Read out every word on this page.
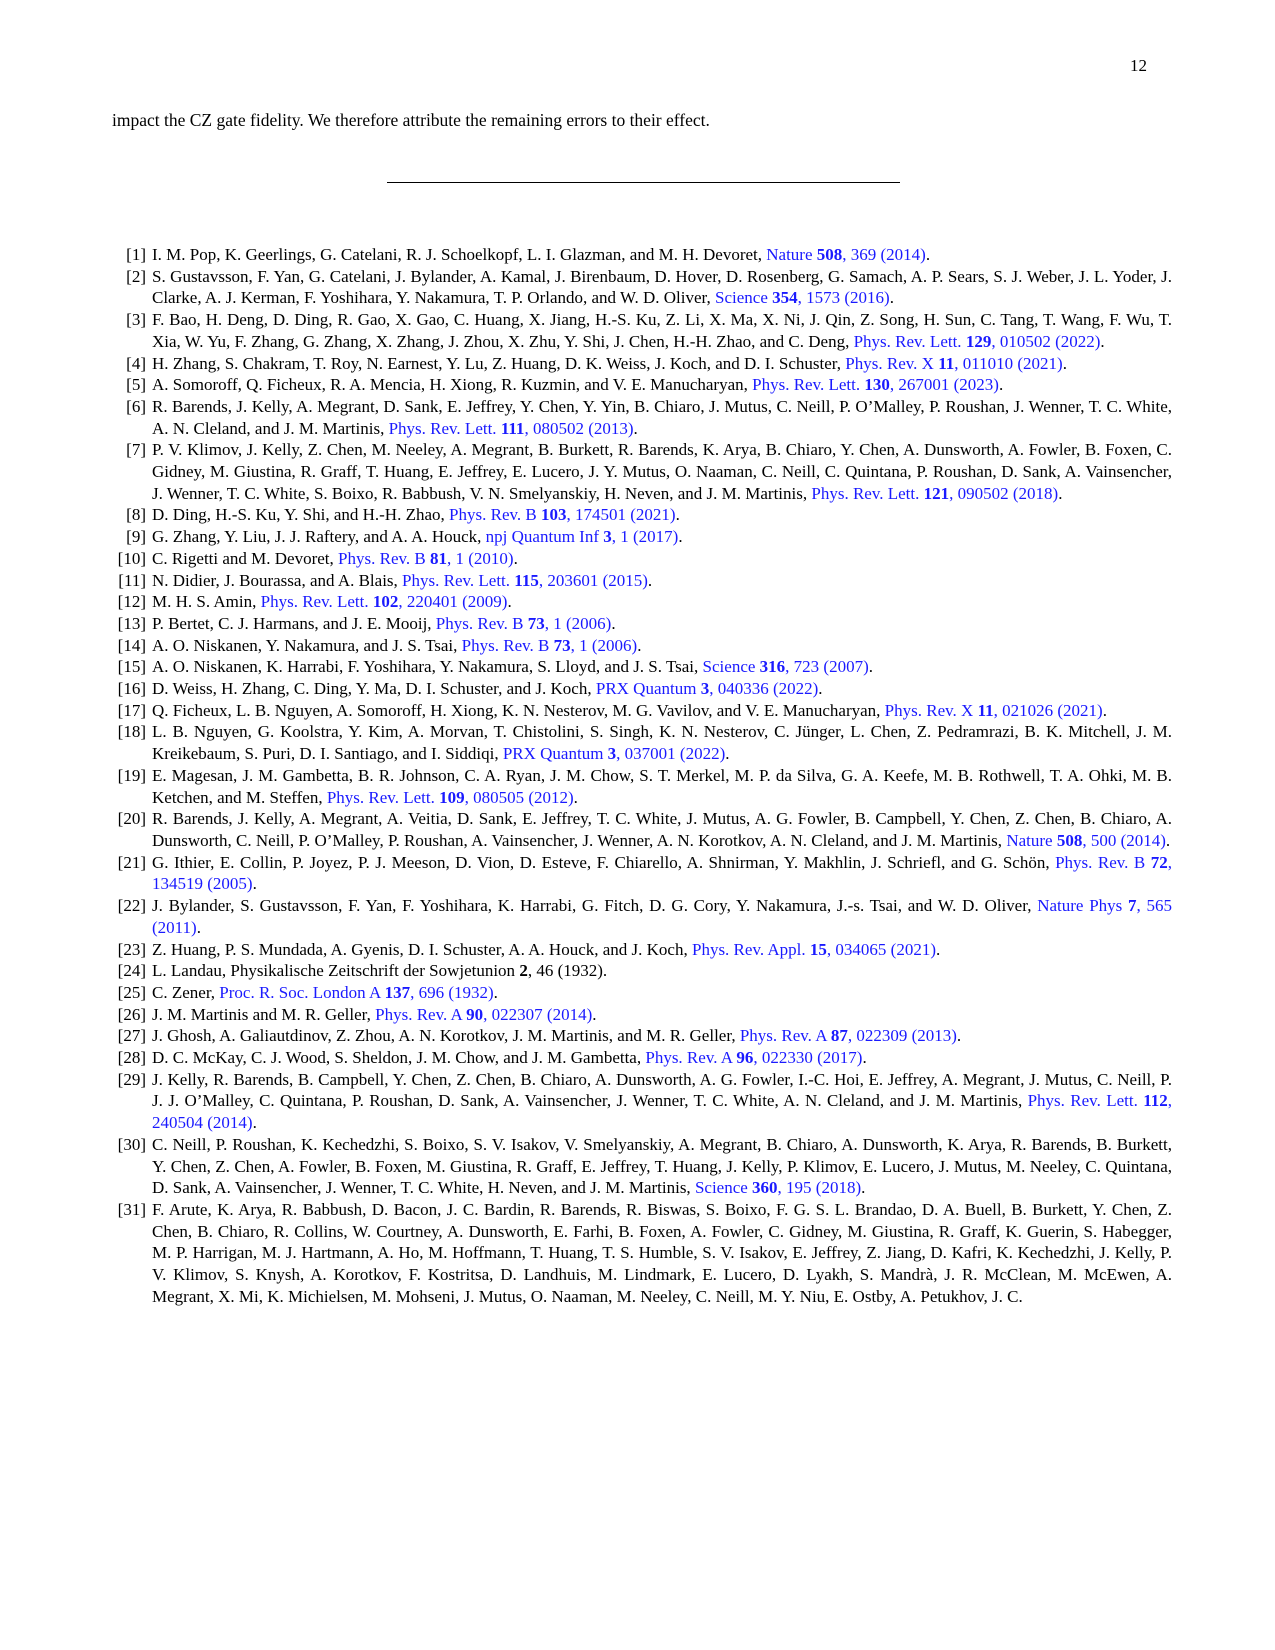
12
impact the CZ gate fidelity. We therefore attribute the remaining errors to their effect.
[1] I. M. Pop, K. Geerlings, G. Catelani, R. J. Schoelkopf, L. I. Glazman, and M. H. Devoret, Nature 508, 369 (2014).
[2] S. Gustavsson, F. Yan, G. Catelani, J. Bylander, A. Kamal, J. Birenbaum, D. Hover, D. Rosenberg, G. Samach, A. P. Sears, S. J. Weber, J. L. Yoder, J. Clarke, A. J. Kerman, F. Yoshihara, Y. Nakamura, T. P. Orlando, and W. D. Oliver, Science 354, 1573 (2016).
[3] F. Bao, H. Deng, D. Ding, R. Gao, X. Gao, C. Huang, X. Jiang, H.-S. Ku, Z. Li, X. Ma, X. Ni, J. Qin, Z. Song, H. Sun, C. Tang, T. Wang, F. Wu, T. Xia, W. Yu, F. Zhang, G. Zhang, X. Zhang, J. Zhou, X. Zhu, Y. Shi, J. Chen, H.-H. Zhao, and C. Deng, Phys. Rev. Lett. 129, 010502 (2022).
[4] H. Zhang, S. Chakram, T. Roy, N. Earnest, Y. Lu, Z. Huang, D. K. Weiss, J. Koch, and D. I. Schuster, Phys. Rev. X 11, 011010 (2021).
[5] A. Somoroff, Q. Ficheux, R. A. Mencia, H. Xiong, R. Kuzmin, and V. E. Manucharyan, Phys. Rev. Lett. 130, 267001 (2023).
[6] R. Barends, J. Kelly, A. Megrant, D. Sank, E. Jeffrey, Y. Chen, Y. Yin, B. Chiaro, J. Mutus, C. Neill, P. O’Malley, P. Roushan, J. Wenner, T. C. White, A. N. Cleland, and J. M. Martinis, Phys. Rev. Lett. 111, 080502 (2013).
[7] P. V. Klimov, J. Kelly, Z. Chen, M. Neeley, A. Megrant, B. Burkett, R. Barends, K. Arya, B. Chiaro, Y. Chen, A. Dunsworth, A. Fowler, B. Foxen, C. Gidney, M. Giustina, R. Graff, T. Huang, E. Jeffrey, E. Lucero, J. Y. Mutus, O. Naaman, C. Neill, C. Quintana, P. Roushan, D. Sank, A. Vainsencher, J. Wenner, T. C. White, S. Boixo, R. Babbush, V. N. Smelyanskiy, H. Neven, and J. M. Martinis, Phys. Rev. Lett. 121, 090502 (2018).
[8] D. Ding, H.-S. Ku, Y. Shi, and H.-H. Zhao, Phys. Rev. B 103, 174501 (2021).
[9] G. Zhang, Y. Liu, J. J. Raftery, and A. A. Houck, npj Quantum Inf 3, 1 (2017).
[10] C. Rigetti and M. Devoret, Phys. Rev. B 81, 1 (2010).
[11] N. Didier, J. Bourassa, and A. Blais, Phys. Rev. Lett. 115, 203601 (2015).
[12] M. H. S. Amin, Phys. Rev. Lett. 102, 220401 (2009).
[13] P. Bertet, C. J. Harmans, and J. E. Mooij, Phys. Rev. B 73, 1 (2006).
[14] A. O. Niskanen, Y. Nakamura, and J. S. Tsai, Phys. Rev. B 73, 1 (2006).
[15] A. O. Niskanen, K. Harrabi, F. Yoshihara, Y. Nakamura, S. Lloyd, and J. S. Tsai, Science 316, 723 (2007).
[16] D. Weiss, H. Zhang, C. Ding, Y. Ma, D. I. Schuster, and J. Koch, PRX Quantum 3, 040336 (2022).
[17] Q. Ficheux, L. B. Nguyen, A. Somoroff, H. Xiong, K. N. Nesterov, M. G. Vavilov, and V. E. Manucharyan, Phys. Rev. X 11, 021026 (2021).
[18] L. B. Nguyen, G. Koolstra, Y. Kim, A. Morvan, T. Chistolini, S. Singh, K. N. Nesterov, C. Jünger, L. Chen, Z. Pedramrazi, B. K. Mitchell, J. M. Kreikebaum, S. Puri, D. I. Santiago, and I. Siddiqi, PRX Quantum 3, 037001 (2022).
[19] E. Magesan, J. M. Gambetta, B. R. Johnson, C. A. Ryan, J. M. Chow, S. T. Merkel, M. P. da Silva, G. A. Keefe, M. B. Rothwell, T. A. Ohki, M. B. Ketchen, and M. Steffen, Phys. Rev. Lett. 109, 080505 (2012).
[20] R. Barends, J. Kelly, A. Megrant, A. Veitia, D. Sank, E. Jeffrey, T. C. White, J. Mutus, A. G. Fowler, B. Campbell, Y. Chen, Z. Chen, B. Chiaro, A. Dunsworth, C. Neill, P. O’Malley, P. Roushan, A. Vainsencher, J. Wenner, A. N. Korotkov, A. N. Cleland, and J. M. Martinis, Nature 508, 500 (2014).
[21] G. Ithier, E. Collin, P. Joyez, P. J. Meeson, D. Vion, D. Esteve, F. Chiarello, A. Shnirman, Y. Makhlin, J. Schriefl, and G. Schön, Phys. Rev. B 72, 134519 (2005).
[22] J. Bylander, S. Gustavsson, F. Yan, F. Yoshihara, K. Harrabi, G. Fitch, D. G. Cory, Y. Nakamura, J.-s. Tsai, and W. D. Oliver, Nature Phys 7, 565 (2011).
[23] Z. Huang, P. S. Mundada, A. Gyenis, D. I. Schuster, A. A. Houck, and J. Koch, Phys. Rev. Appl. 15, 034065 (2021).
[24] L. Landau, Physikalische Zeitschrift der Sowjetunion 2, 46 (1932).
[25] C. Zener, Proc. R. Soc. London A 137, 696 (1932).
[26] J. M. Martinis and M. R. Geller, Phys. Rev. A 90, 022307 (2014).
[27] J. Ghosh, A. Galiautdinov, Z. Zhou, A. N. Korotkov, J. M. Martinis, and M. R. Geller, Phys. Rev. A 87, 022309 (2013).
[28] D. C. McKay, C. J. Wood, S. Sheldon, J. M. Chow, and J. M. Gambetta, Phys. Rev. A 96, 022330 (2017).
[29] J. Kelly, R. Barends, B. Campbell, Y. Chen, Z. Chen, B. Chiaro, A. Dunsworth, A. G. Fowler, I.-C. Hoi, E. Jeffrey, A. Megrant, J. Mutus, C. Neill, P. J. J. O’Malley, C. Quintana, P. Roushan, D. Sank, A. Vainsencher, J. Wenner, T. C. White, A. N. Cleland, and J. M. Martinis, Phys. Rev. Lett. 112, 240504 (2014).
[30] C. Neill, P. Roushan, K. Kechedzhi, S. Boixo, S. V. Isakov, V. Smelyanskiy, A. Megrant, B. Chiaro, A. Dunsworth, K. Arya, R. Barends, B. Burkett, Y. Chen, Z. Chen, A. Fowler, B. Foxen, M. Giustina, R. Graff, E. Jeffrey, T. Huang, J. Kelly, P. Klimov, E. Lucero, J. Mutus, M. Neeley, C. Quintana, D. Sank, A. Vainsencher, J. Wenner, T. C. White, H. Neven, and J. M. Martinis, Science 360, 195 (2018).
[31] F. Arute, K. Arya, R. Babbush, D. Bacon, J. C. Bardin, R. Barends, R. Biswas, S. Boixo, F. G. S. L. Brandao, D. A. Buell, B. Burkett, Y. Chen, Z. Chen, B. Chiaro, R. Collins, W. Courtney, A. Dunsworth, E. Farhi, B. Foxen, A. Fowler, C. Gidney, M. Giustina, R. Graff, K. Guerin, S. Habegger, M. P. Harrigan, M. J. Hartmann, A. Ho, M. Hoffmann, T. Huang, T. S. Humble, S. V. Isakov, E. Jeffrey, Z. Jiang, D. Kafri, K. Kechedzhi, J. Kelly, P. V. Klimov, S. Knysh, A. Korotkov, F. Kostritsa, D. Landhuis, M. Lindmark, E. Lucero, D. Lyakh, S. Mandrà, J. R. McClean, M. McEwen, A. Megrant, X. Mi, K. Michielsen, M. Mohseni, J. Mutus, O. Naaman, M. Neeley, C. Neill, M. Y. Niu, E. Ostby, A. Petukhov, J. C.
